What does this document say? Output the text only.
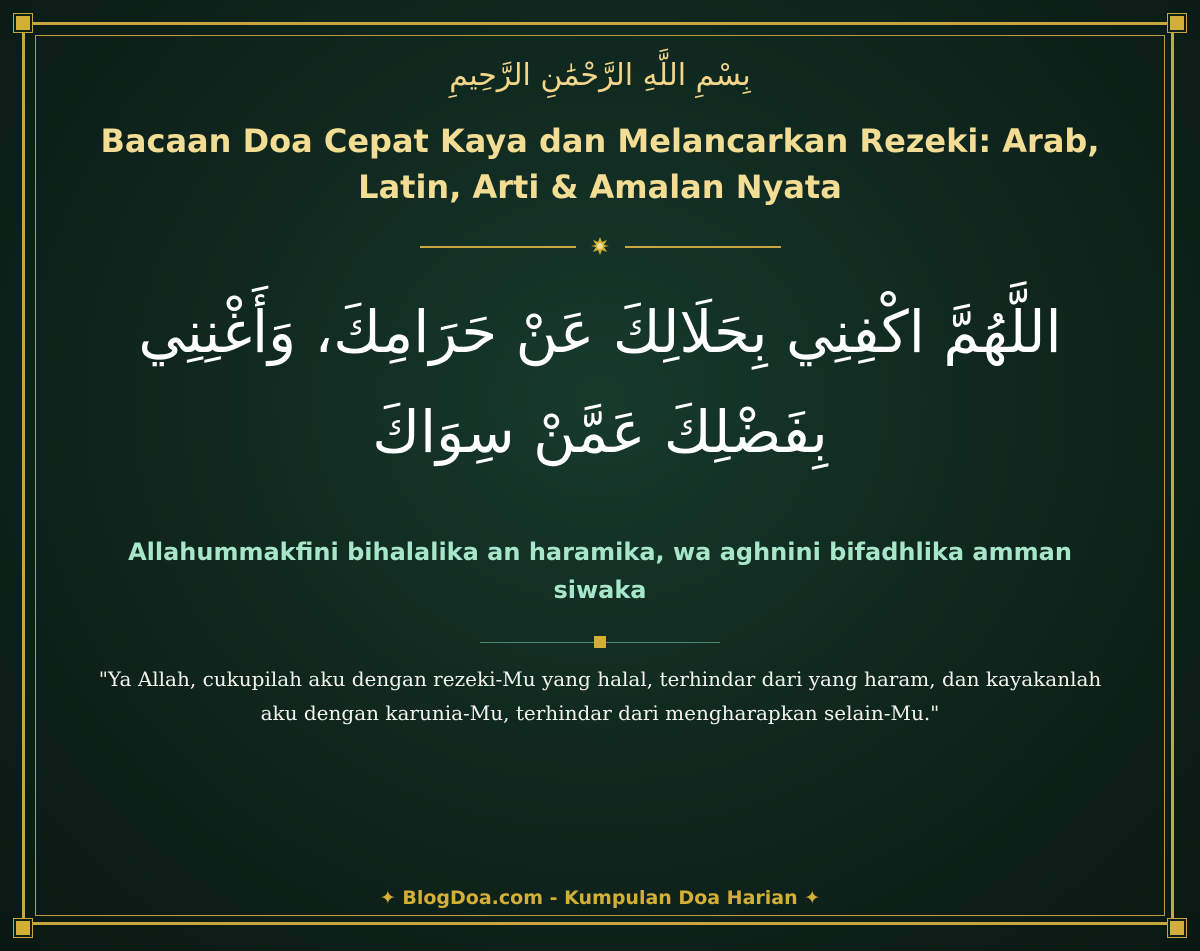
بِسْمِ اللَّهِ الرَّحْمَٰنِ الرَّحِيمِ
Bacaan Doa Cepat Kaya dan Melancarkan Rezeki: Arab, Latin, Arti & Amalan Nyata
اللَّهُمَّ اكْفِنِي بِحَلَالِكَ عَنْ حَرَامِكَ، وَأَغْنِنِي بِفَضْلِكَ عَمَّنْ سِوَاكَ
Allahummakfini bihalalika an haramika, wa aghnini bifadhlika amman siwaka
"Ya Allah, cukupilah aku dengan rezeki-Mu yang halal, terhindar dari yang haram, dan kayakanlah aku dengan karunia-Mu, terhindar dari mengharapkan selain-Mu."
✦ BlogDoa.com - Kumpulan Doa Harian ✦
